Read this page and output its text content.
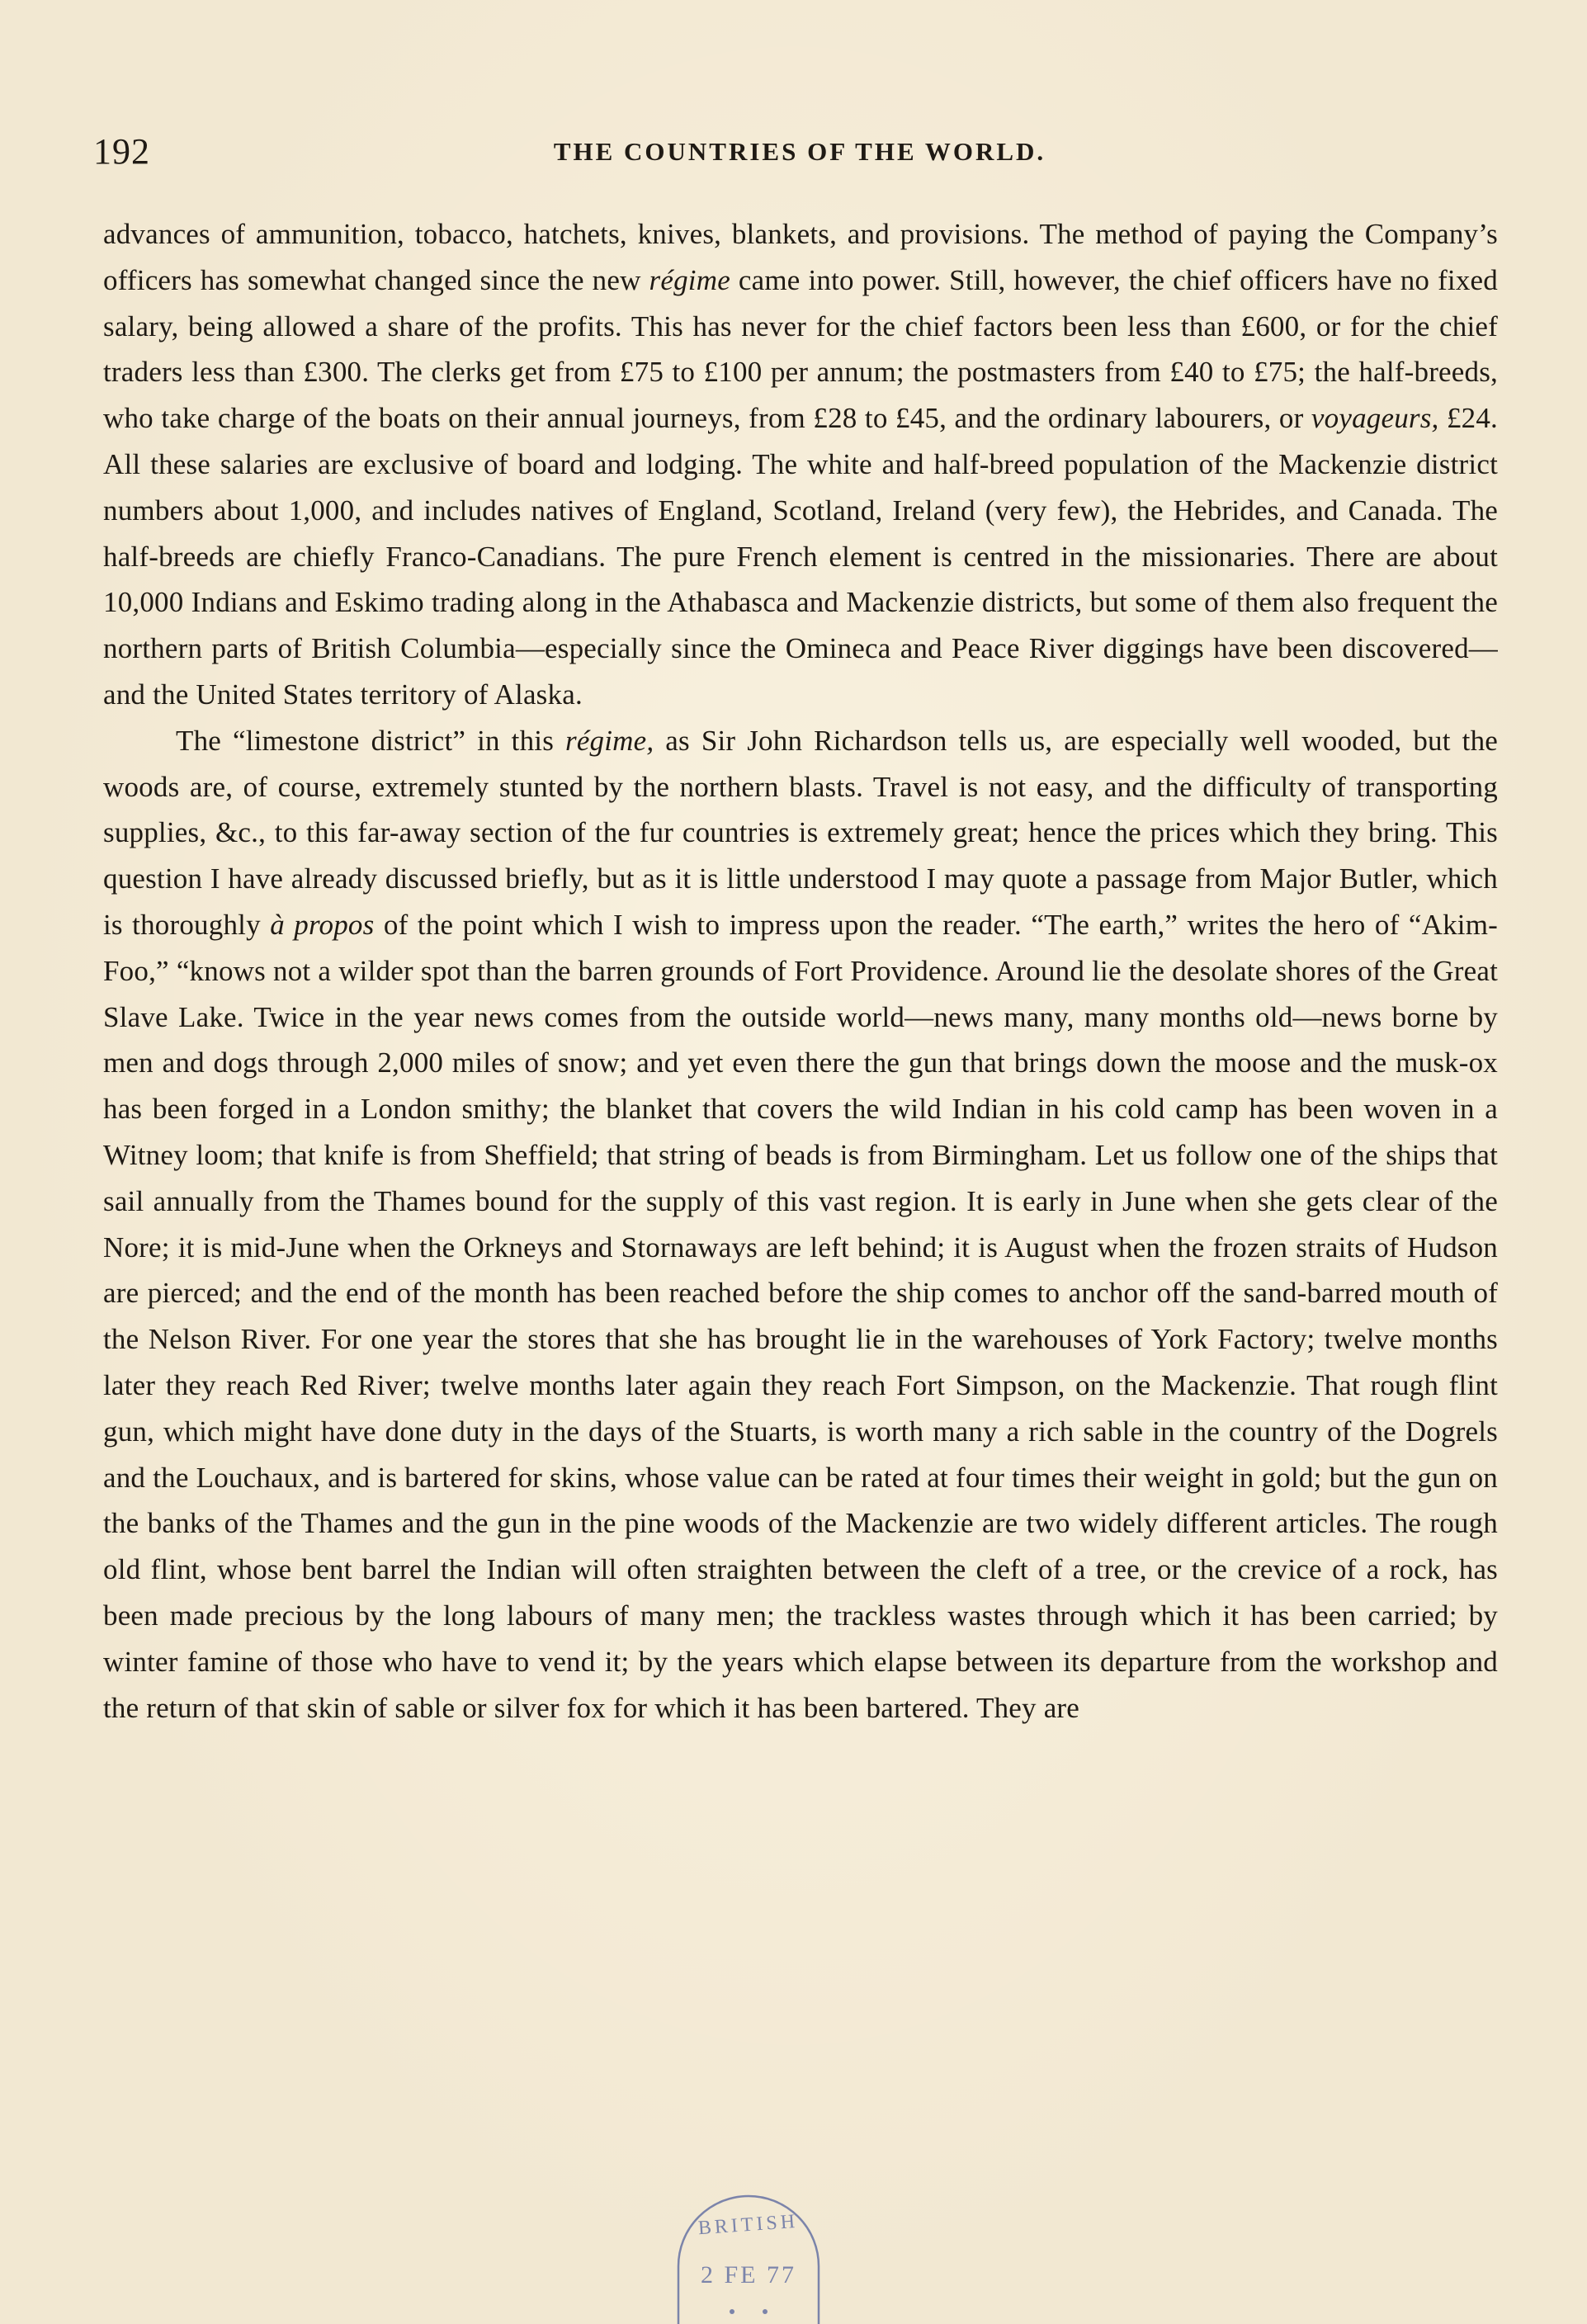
192	THE COUNTRIES OF THE WORLD.

advances of ammunition, tobacco, hatchets, knives, blankets, and provisions. The method of paying the Company’s officers has somewhat changed since the new régime came into power. Still, however, the chief officers have no fixed salary, being allowed a share of the profits. This has never for the chief factors been less than £600, or for the chief traders less than £300. The clerks get from £75 to £100 per annum; the postmasters from £40 to £75; the half-breeds, who take charge of the boats on their annual journeys, from £28 to £45, and the ordinary labourers, or voyageurs, £24. All these salaries are exclusive of board and lodging. The white and half-breed population of the Mackenzie district numbers about 1,000, and includes natives of England, Scotland, Ireland (very few), the Hebrides, and Canada. The half-breeds are chiefly Franco-Canadians. The pure French element is centred in the missionaries. There are about 10,000 Indians and Eskimo trading along in the Athabasca and Mackenzie districts, but some of them also frequent the northern parts of British Columbia—especially since the Omineca and Peace River diggings have been discovered—and the United States territory of Alaska.

The “limestone district” in this régime, as Sir John Richardson tells us, are especially well wooded, but the woods are, of course, extremely stunted by the northern blasts. Travel is not easy, and the difficulty of transporting supplies, &c., to this far-away section of the fur countries is extremely great; hence the prices which they bring. This question I have already discussed briefly, but as it is little understood I may quote a passage from Major Butler, which is thoroughly à propos of the point which I wish to impress upon the reader. “The earth,” writes the hero of “Akim-Foo,” “knows not a wilder spot than the barren grounds of Fort Providence. Around lie the desolate shores of the Great Slave Lake. Twice in the year news comes from the outside world—news many, many months old—news borne by men and dogs through 2,000 miles of snow; and yet even there the gun that brings down the moose and the musk-ox has been forged in a London smithy; the blanket that covers the wild Indian in his cold camp has been woven in a Witney loom; that knife is from Sheffield; that string of beads is from Birmingham. Let us follow one of the ships that sail annually from the Thames bound for the supply of this vast region. It is early in June when she gets clear of the Nore; it is mid-June when the Orkneys and Stornaways are left behind; it is August when the frozen straits of Hudson are pierced; and the end of the month has been reached before the ship comes to anchor off the sand-barred mouth of the Nelson River. For one year the stores that she has brought lie in the warehouses of York Factory; twelve months later they reach Red River; twelve months later again they reach Fort Simpson, on the Mackenzie. That rough flint gun, which might have done duty in the days of the Stuarts, is worth many a rich sable in the country of the Dogrels and the Louchaux, and is bartered for skins, whose value can be rated at four times their weight in gold; but the gun on the banks of the Thames and the gun in the pine woods of the Mackenzie are two widely different articles. The rough old flint, whose bent barrel the Indian will often straighten between the cleft of a tree, or the crevice of a rock, has been made precious by the long labours of many men; the trackless wastes through which it has been carried; by winter famine of those who have to vend it; by the years which elapse between its departure from the workshop and the return of that skin of sable or silver fox for which it has been bartered. They are

BRITISH
2 FE 77
